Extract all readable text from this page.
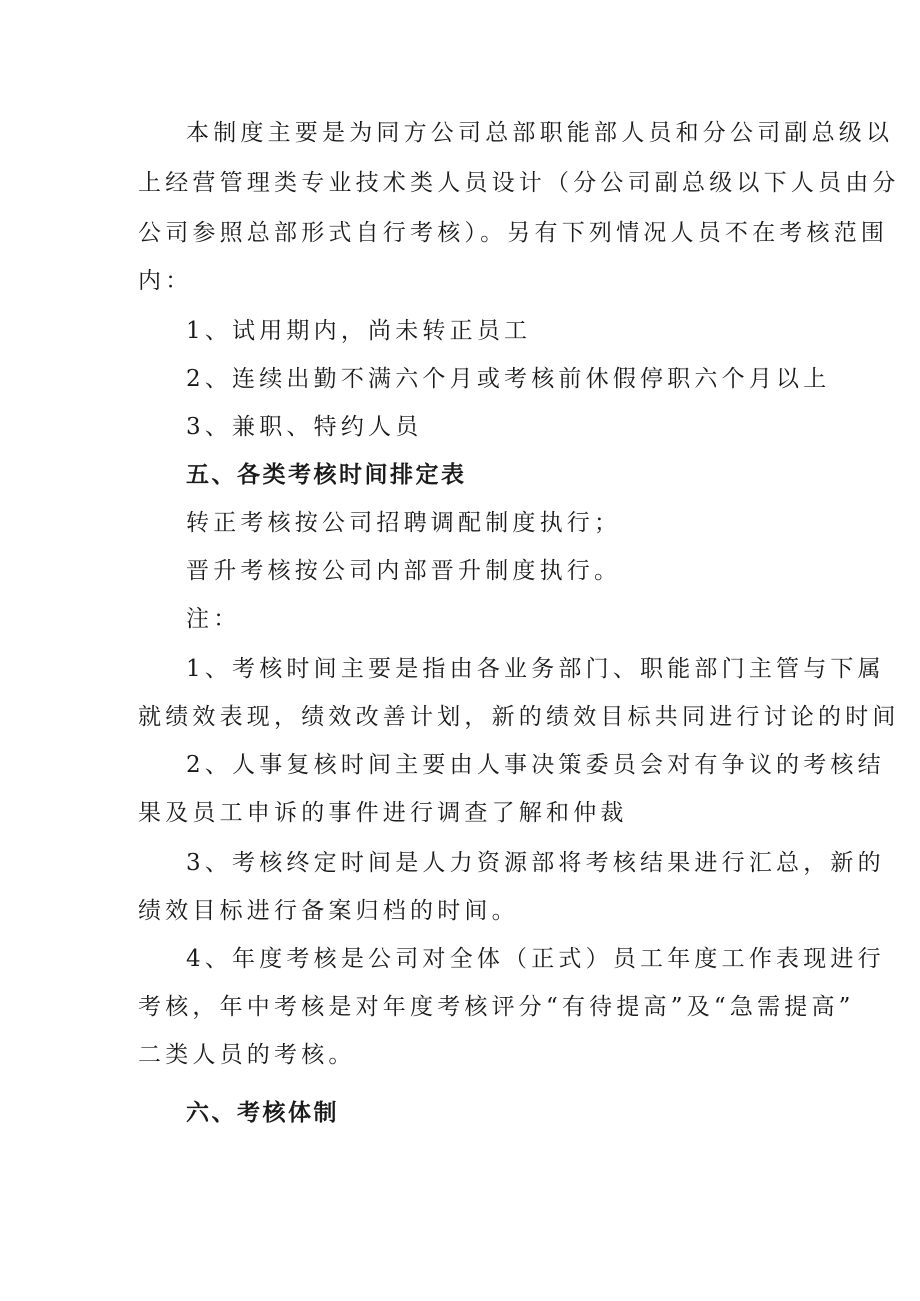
本制度主要是为同方公司总部职能部人员和分公司副总级以
上经营管理类专业技术类人员设计（分公司副总级以下人员由分
公司参照总部形式自行考核）。另有下列情况人员不在考核范围
内：
1、试用期内，尚未转正员工
2、连续出勤不满六个月或考核前休假停职六个月以上
3、兼职、特约人员
五、各类考核时间排定表
转正考核按公司招聘调配制度执行；
晋升考核按公司内部晋升制度执行。
注：
1、考核时间主要是指由各业务部门、职能部门主管与下属
就绩效表现，绩效改善计划，新的绩效目标共同进行讨论的时间
2、人事复核时间主要由人事决策委员会对有争议的考核结
果及员工申诉的事件进行调查了解和仲裁
3、考核终定时间是人力资源部将考核结果进行汇总，新的
绩效目标进行备案归档的时间。
4、年度考核是公司对全体（正式）员工年度工作表现进行
考核，年中考核是对年度考核评分“有待提高”及“急需提高”
二类人员的考核。
六、考核体制
